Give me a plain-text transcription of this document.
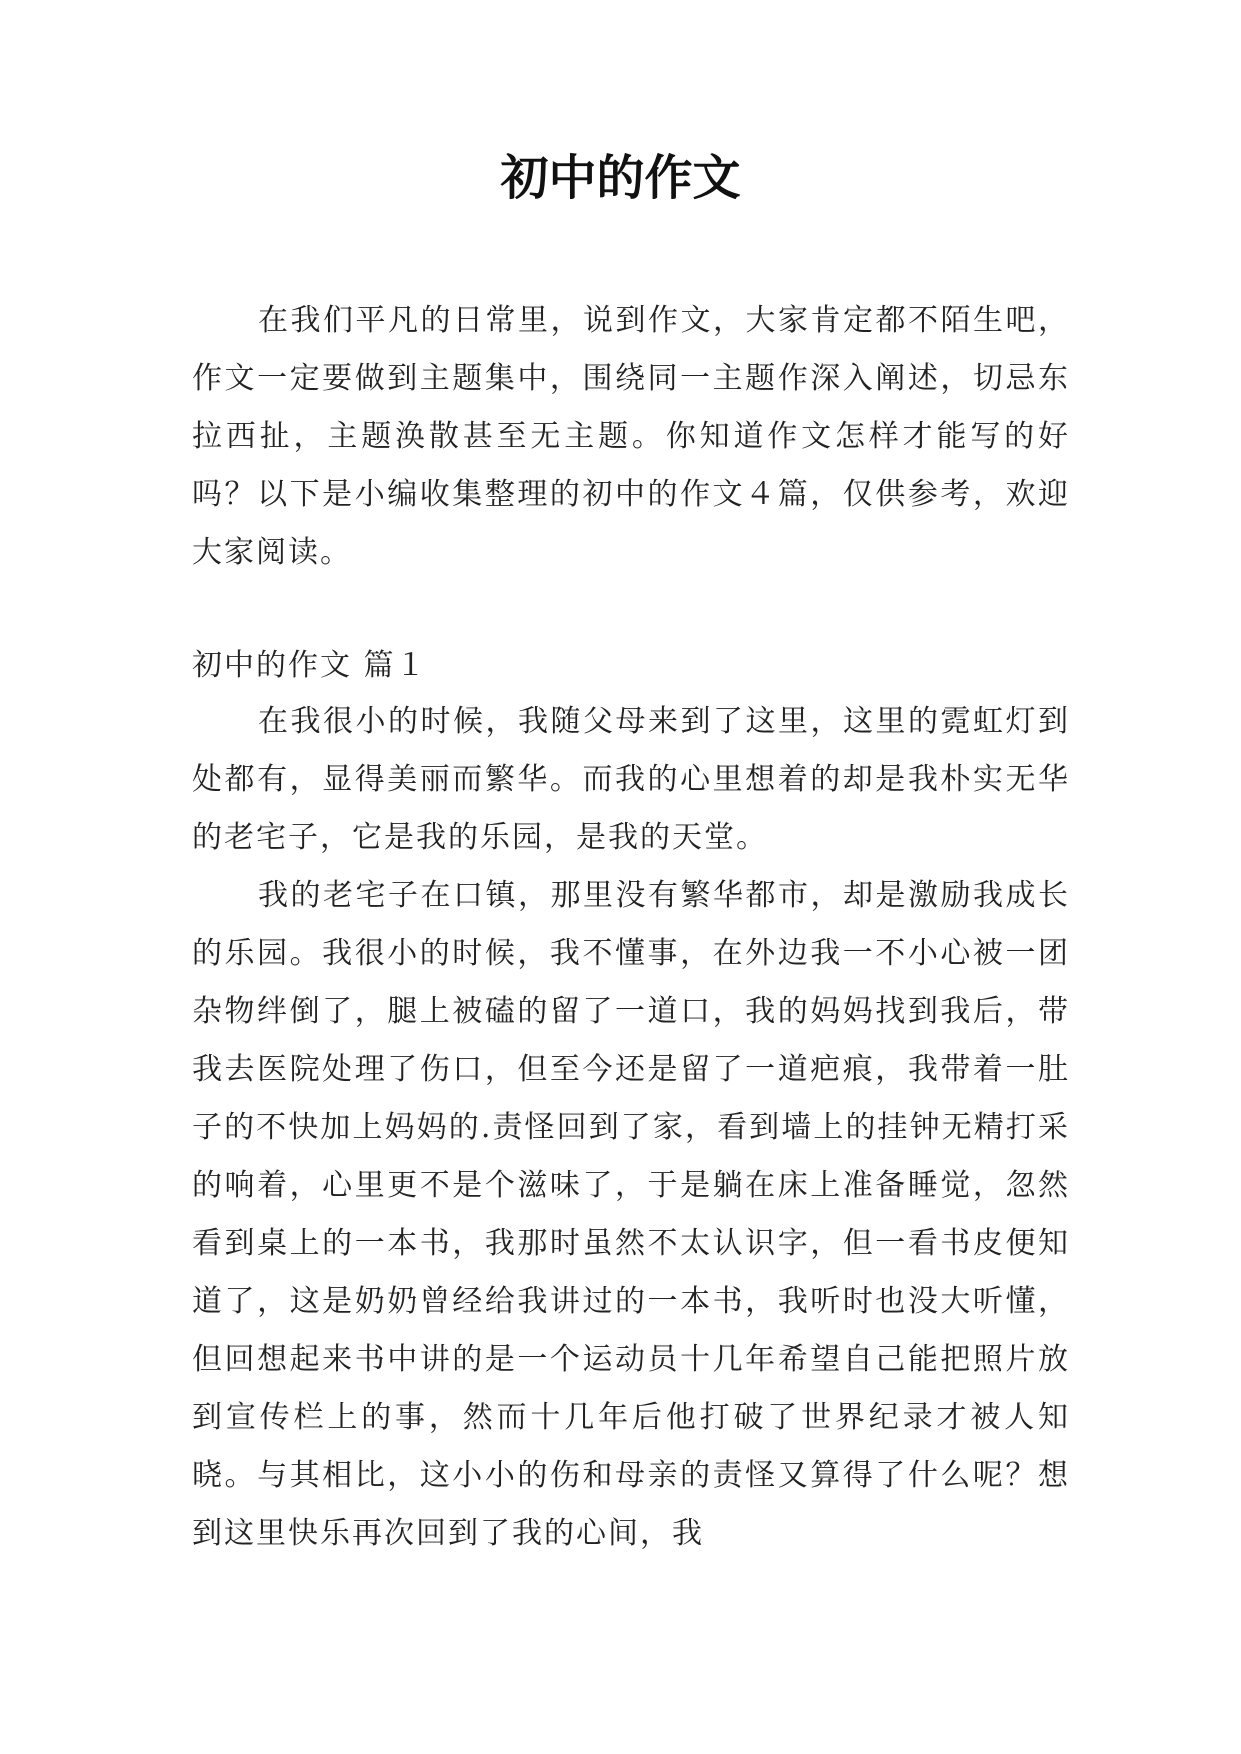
初中的作文

在我们平凡的日常里，说到作文，大家肯定都不陌生吧，作文一定要做到主题集中，围绕同一主题作深入阐述，切忌东拉西扯，主题涣散甚至无主题。你知道作文怎样才能写的好吗？以下是小编收集整理的初中的作文４篇，仅供参考，欢迎大家阅读。

初中的作文 篇１

在我很小的时候，我随父母来到了这里，这里的霓虹灯到处都有，显得美丽而繁华。而我的心里想着的却是我朴实无华的老宅子，它是我的乐园，是我的天堂。

我的老宅子在口镇，那里没有繁华都市，却是激励我成长的乐园。我很小的时候，我不懂事，在外边我一不小心被一团杂物绊倒了，腿上被磕的留了一道口，我的妈妈找到我后，带我去医院处理了伤口，但至今还是留了一道疤痕，我带着一肚子的不快加上妈妈的.责怪回到了家，看到墙上的挂钟无精打采的响着，心里更不是个滋味了，于是躺在床上准备睡觉，忽然看到桌上的一本书，我那时虽然不太认识字，但一看书皮便知道了，这是奶奶曾经给我讲过的一本书，我听时也没大听懂，但回想起来书中讲的是一个运动员十几年希望自己能把照片放到宣传栏上的事，然而十几年后他打破了世界纪录才被人知晓。与其相比，这小小的伤和母亲的责怪又算得了什么呢？想到这里快乐再次回到了我的心间，我
